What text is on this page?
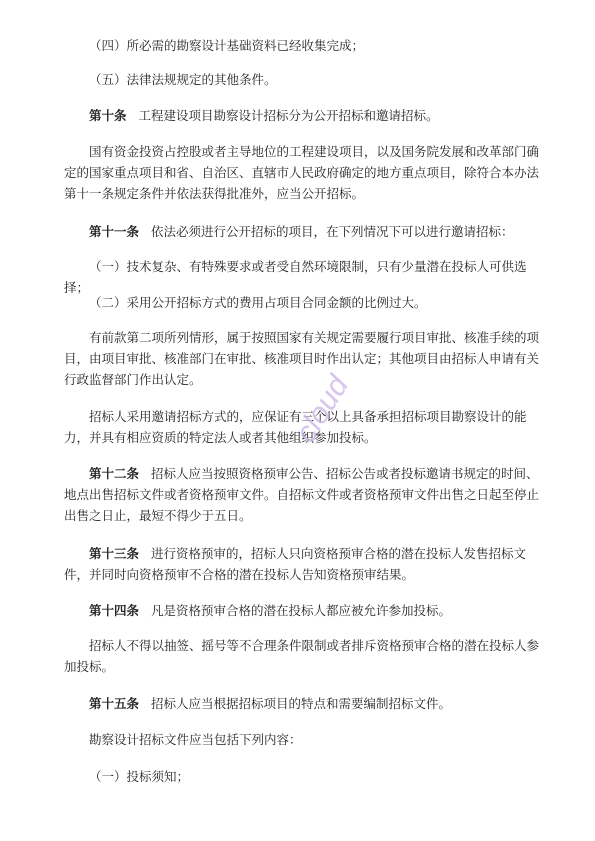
（四）所必需的勘察设计基础资料已经收集完成；

（五）法律法规规定的其他条件。

第十条 工程建设项目勘察设计招标分为公开招标和邀请招标。

国有资金投资占控股或者主导地位的工程建设项目，以及国务院发展和改革部门确定的国家重点项目和省、自治区、直辖市人民政府确定的地方重点项目，除符合本办法第十一条规定条件并依法获得批准外，应当公开招标。

第十一条 依法必须进行公开招标的项目，在下列情况下可以进行邀请招标：

（一）技术复杂、有特殊要求或者受自然环境限制，只有少量潜在投标人可供选择；

（二）采用公开招标方式的费用占项目合同金额的比例过大。

有前款第二项所列情形，属于按照国家有关规定需要履行项目审批、核准手续的项目，由项目审批、核准部门在审批、核准项目时作出认定；其他项目由招标人申请有关行政监督部门作出认定。

招标人采用邀请招标方式的，应保证有三个以上具备承担招标项目勘察设计的能力，并具有相应资质的特定法人或者其他组织参加投标。

第十二条 招标人应当按照资格预审公告、招标公告或者投标邀请书规定的时间、地点出售招标文件或者资格预审文件。自招标文件或者资格预审文件出售之日起至停止出售之日止，最短不得少于五日。

第十三条 进行资格预审的，招标人只向资格预审合格的潜在投标人发售招标文件，并同时向资格预审不合格的潜在投标人告知资格预审结果。

第十四条 凡是资格预审合格的潜在投标人都应被允许参加投标。

招标人不得以抽签、摇号等不合理条件限制或者排斥资格预审合格的潜在投标人参加投标。

第十五条 招标人应当根据招标项目的特点和需要编制招标文件。

勘察设计招标文件应当包括下列内容：

（一）投标须知；

cloud
